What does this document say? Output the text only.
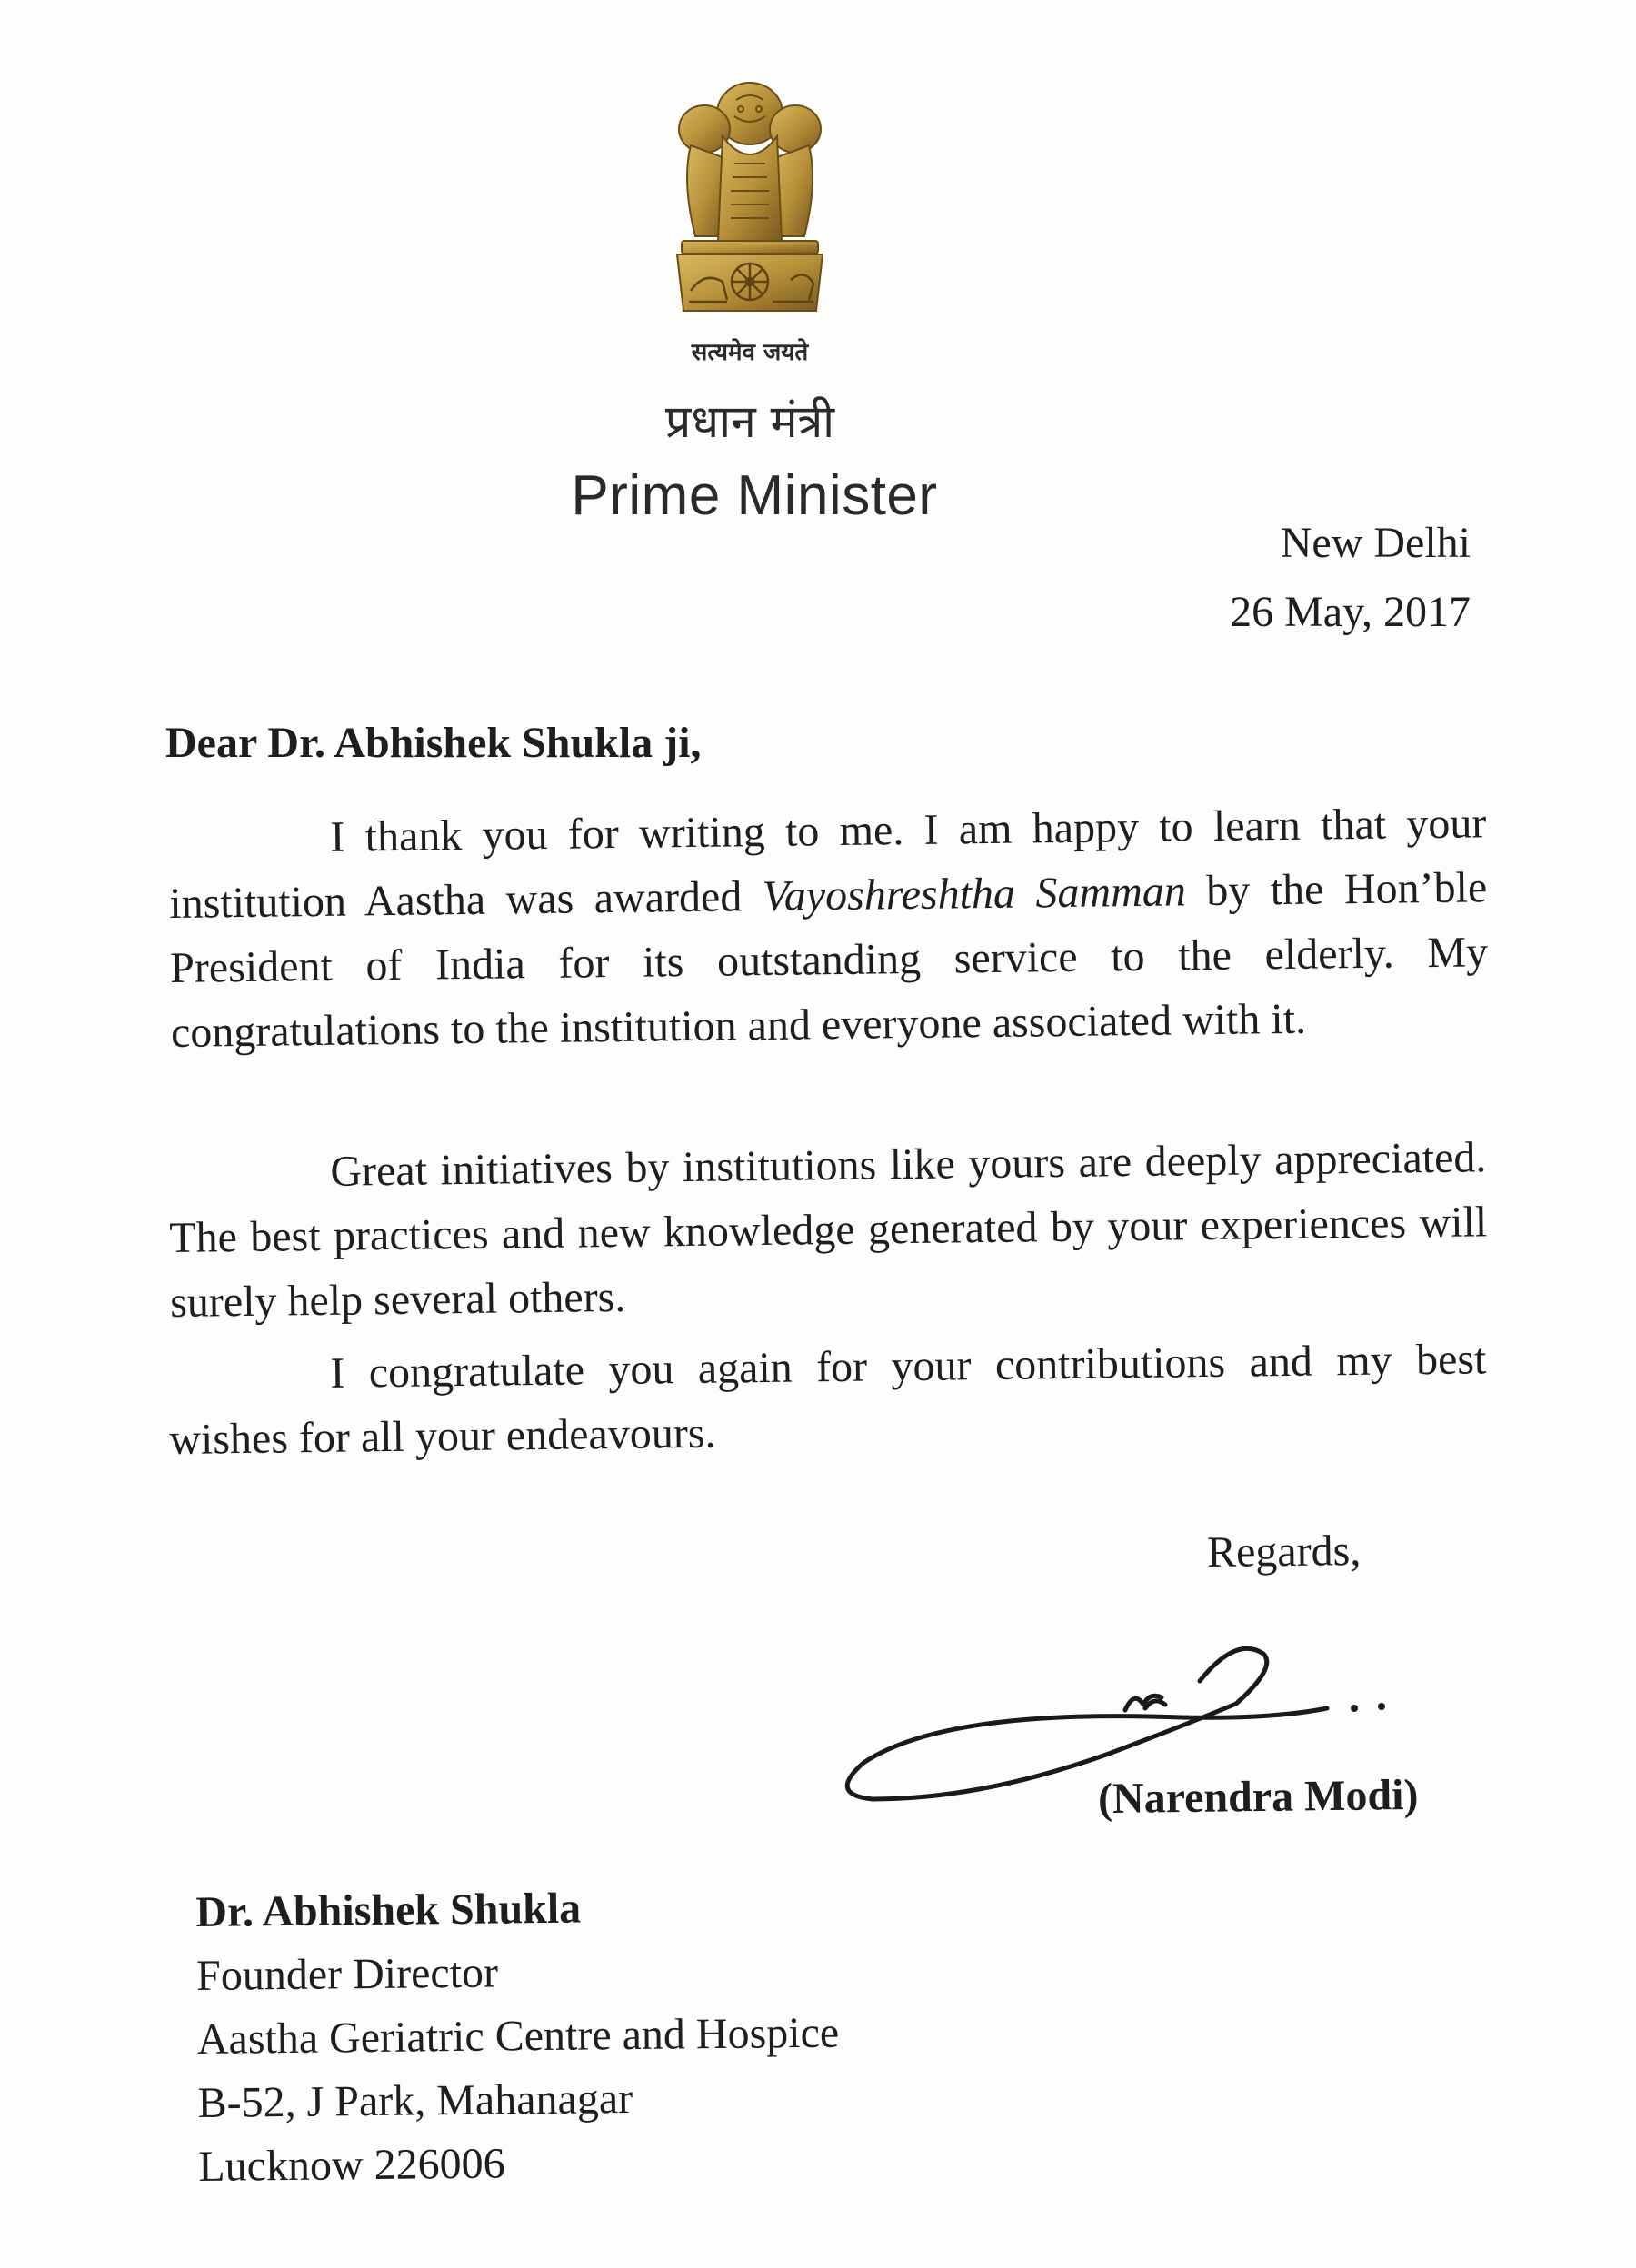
सत्यमेव जयते
प्रधान मंत्री
Prime Minister
New Delhi
26 May, 2017
Dear Dr. Abhishek Shukla ji,

I thank you for writing to me. I am happy to learn that your institution Aastha was awarded Vayoshreshtha Samman by the Hon’ble President of India for its outstanding service to the elderly. My congratulations to the institution and everyone associated with it.

Great initiatives by institutions like yours are deeply appreciated. The best practices and new knowledge generated by your experiences will surely help several others.

I congratulate you again for your contributions and my best wishes for all your endeavours.

Regards,
(Narendra Modi)
Dr. Abhishek Shukla
Founder Director
Aastha Geriatric Centre and Hospice
B-52, J Park, Mahanagar
Lucknow 226006
